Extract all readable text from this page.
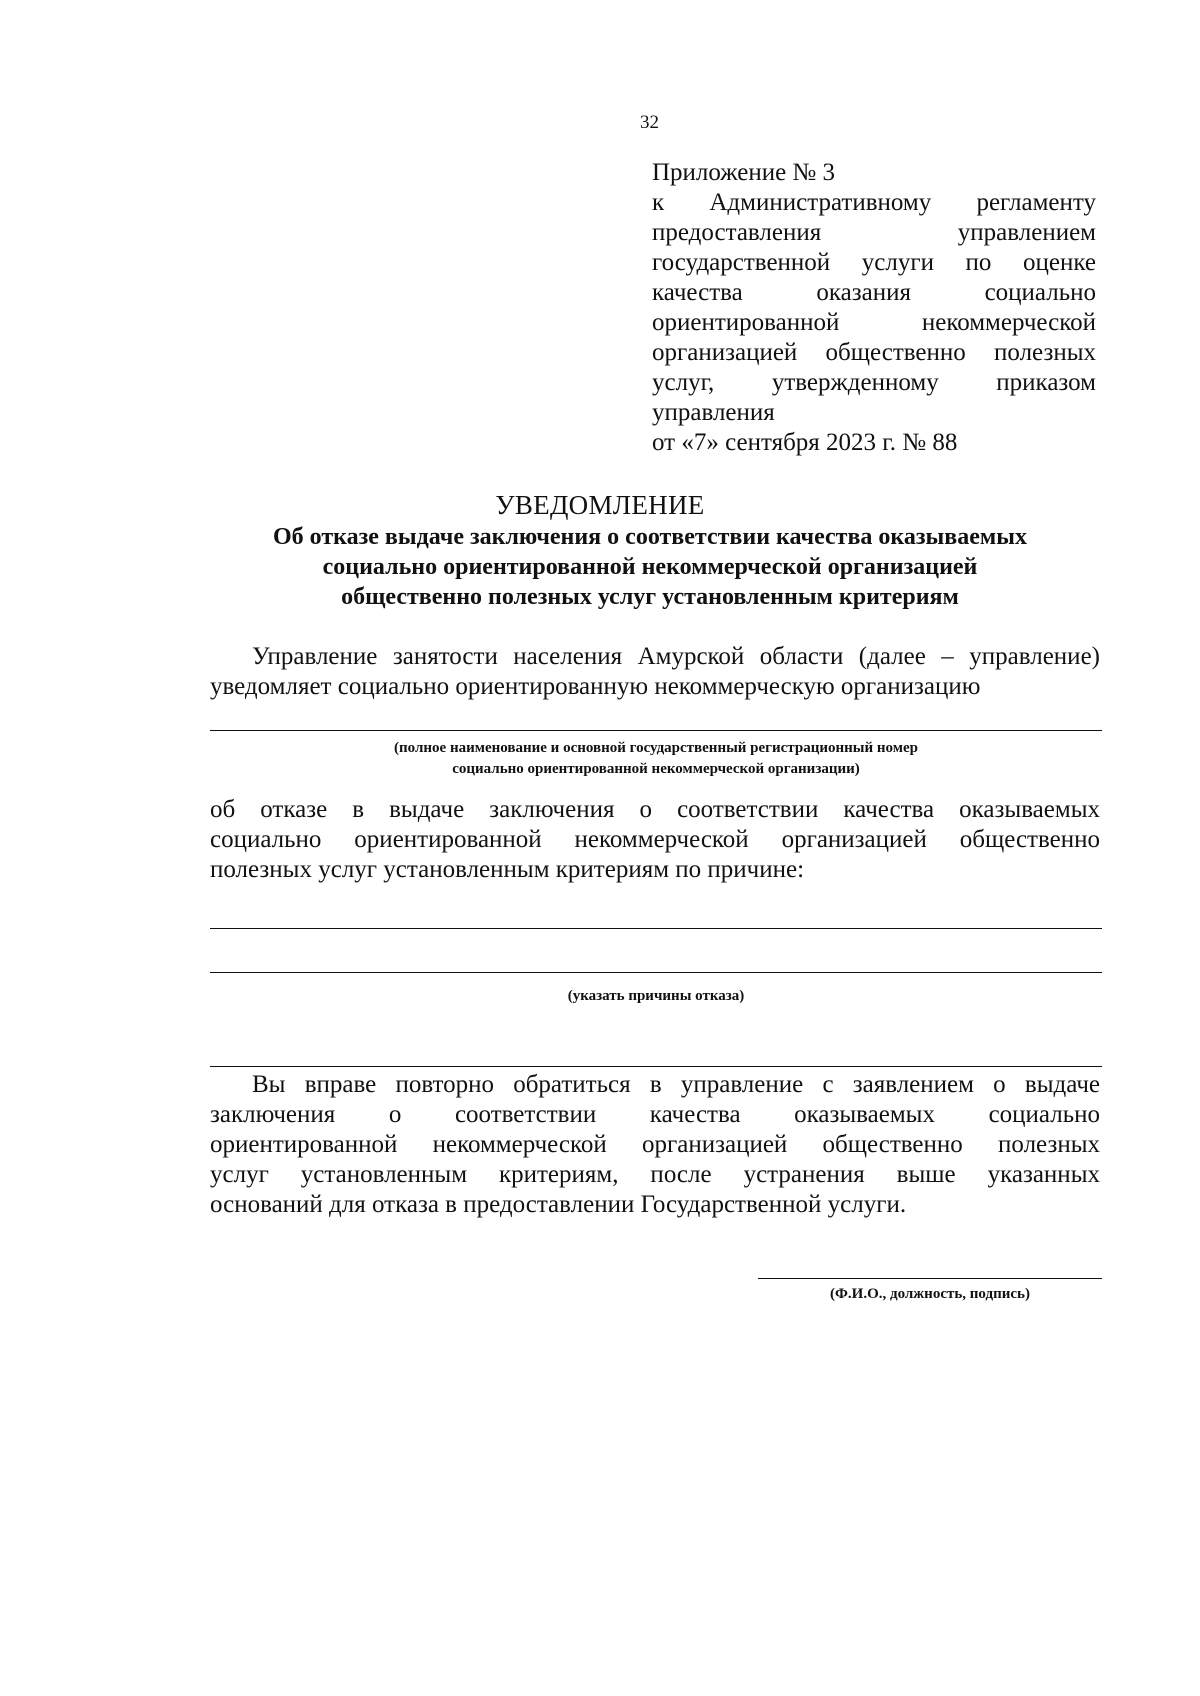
32
Приложение № 3
к Административному регламенту
предоставления управлением
государственной услуги по оценке
качества оказания социально
ориентированной некоммерческой
организацией общественно полезных
услуг, утвержденному приказом
управления
от «7» сентября 2023 г. № 88
УВЕДОМЛЕНИЕ
Об отказе выдаче заключения о соответствии качества оказываемых
социально ориентированной некоммерческой организацией
общественно полезных услуг установленным критериям
Управление занятости населения Амурской области (далее – управление)
уведомляет социально ориентированную некоммерческую организацию
(полное наименование и основной государственный регистрационный номер
социально ориентированной некоммерческой организации)
об отказе в выдаче заключения о соответствии качества оказываемых
социально ориентированной некоммерческой организацией общественно
полезных услуг установленным критериям по причине:
(указать причины отказа)
Вы вправе повторно обратиться в управление с заявлением о выдаче
заключения о соответствии качества оказываемых социально
ориентированной некоммерческой организацией общественно полезных
услуг установленным критериям, после устранения выше указанных
оснований для отказа в предоставлении Государственной услуги.
(Ф.И.О., должность, подпись)
